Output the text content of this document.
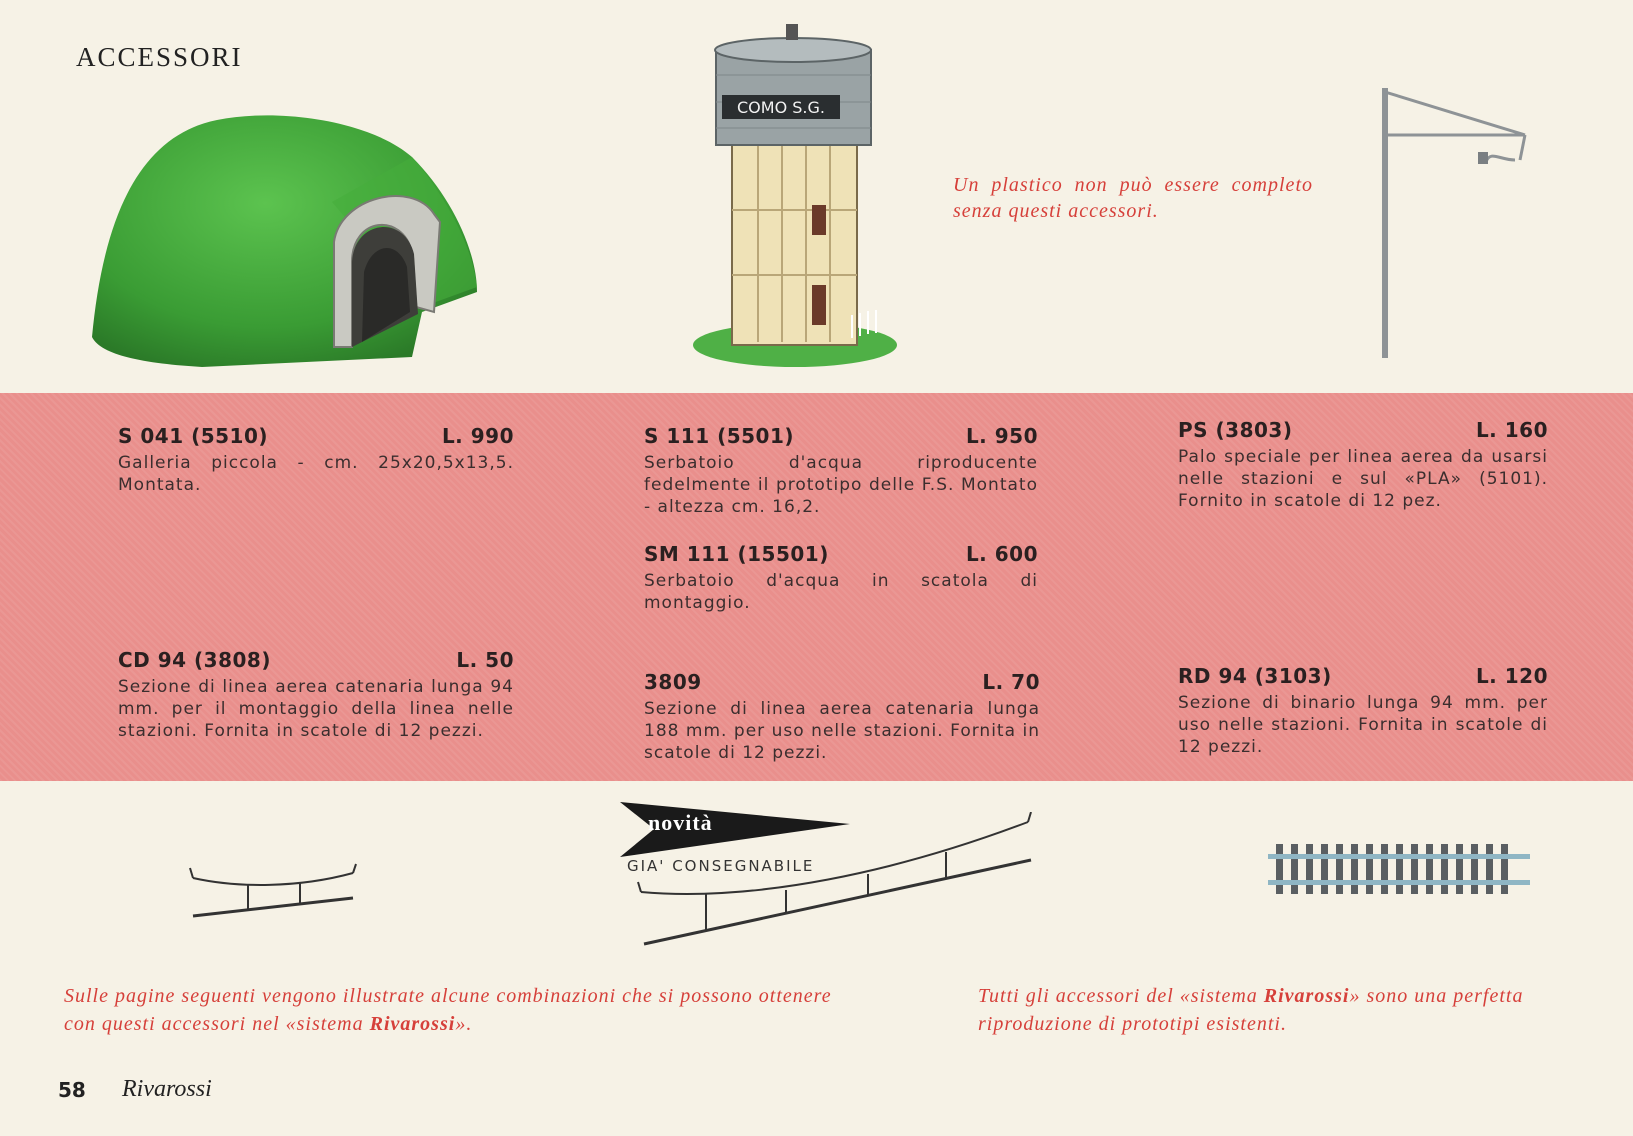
ACCESSORI
COMO S.G.
Un plastico non può essere completo senza questi accessori.
S 041 (5510)	L. 990
Galleria piccola - cm. 25x20,5x13,5. Montata.
S 111 (5501)	L. 950
Serbatoio d'acqua riproducente fedelmente il prototipo delle F.S. Montato - altezza cm. 16,2.
SM 111 (15501)	L. 600
Serbatoio d'acqua in scatola di montaggio.
PS (3803)	L. 160
Palo speciale per linea aerea da usarsi nelle stazioni e sul «PLA» (5101). Fornito in scatole di 12 pez.
CD 94 (3808)	L. 50
Sezione di linea aerea catenaria lunga 94 mm. per il montaggio della linea nelle stazioni. Fornita in scatole di 12 pezzi.
3809	L. 70
Sezione di linea aerea catenaria lunga 188 mm. per uso nelle stazioni. Fornita in scatole di 12 pezzi.
RD 94 (3103)	L. 120
Sezione di binario lunga 94 mm. per uso nelle stazioni. Fornita in scatole di 12 pezzi.
novità
GIA' CONSEGNABILE
Sulle pagine seguenti vengono illustrate alcune combinazioni che si possono ottenere con questi accessori nel «sistema Rivarossi».
Tutti gli accessori del «sistema Rivarossi» sono una perfetta riproduzione di prototipi esistenti.
58 Rivarossi
